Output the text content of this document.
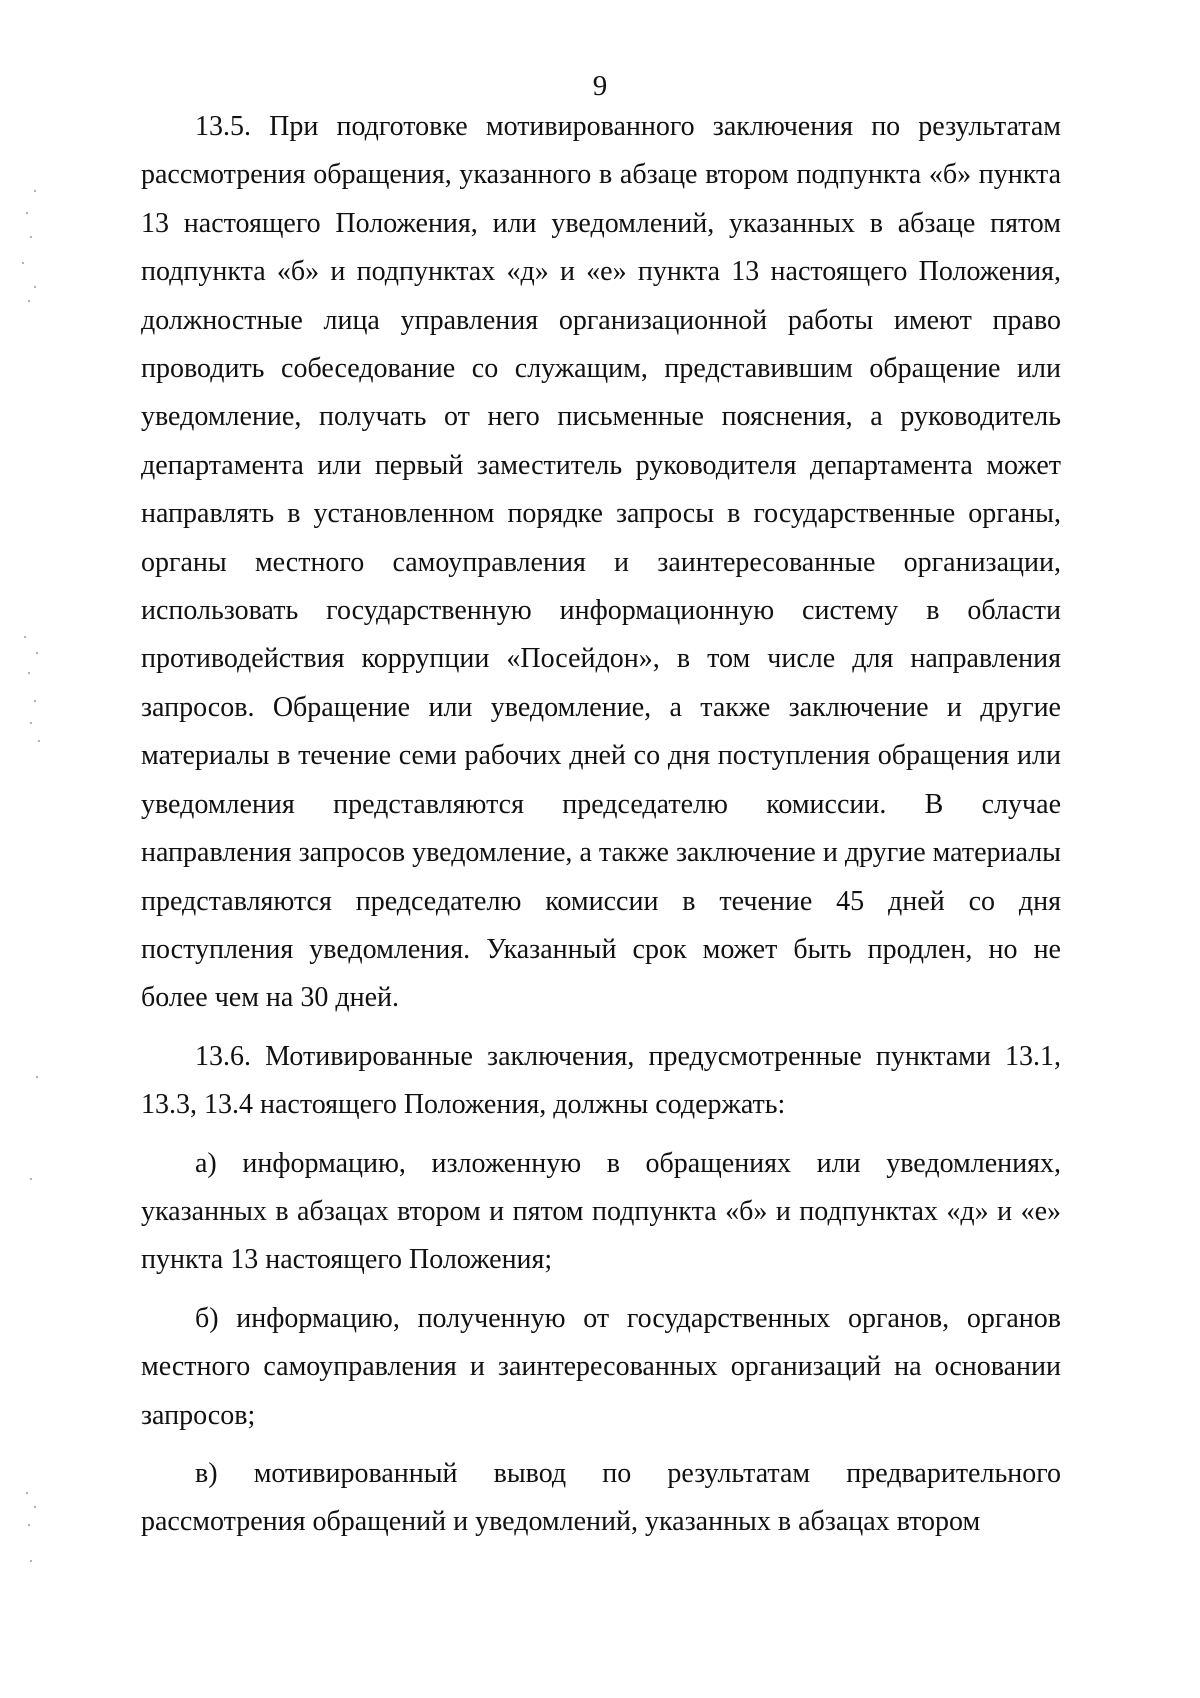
9

13.5. При подготовке мотивированного заключения по результатам рассмотрения обращения, указанного в абзаце втором подпункта «б» пункта 13 настоящего Положения, или уведомлений, указанных в абзаце пятом подпункта «б» и подпунктах «д» и «е» пункта 13 настоящего Положения, должностные лица управления организационной работы имеют право проводить собеседование со служащим, представившим обращение или уведомление, получать от него письменные пояснения, а руководитель департамента или первый заместитель руководителя департамента может направлять в установленном порядке запросы в государственные органы, органы местного самоуправления и заинтересованные организации, использовать государственную информационную систему в области противодействия коррупции «Посейдон», в том числе для направления запросов. Обращение или уведомление, а также заключение и другие материалы в течение семи рабочих дней со дня поступления обращения или уведомления представляются председателю комиссии. В случае направления запросов уведомление, а также заключение и другие материалы представляются председателю комиссии в течение 45 дней со дня поступления уведомления. Указанный срок может быть продлен, но не более чем на 30 дней.

13.6. Мотивированные заключения, предусмотренные пунктами 13.1, 13.3, 13.4 настоящего Положения, должны содержать:

а) информацию, изложенную в обращениях или уведомлениях, указанных в абзацах втором и пятом подпункта «б» и подпунктах «д» и «е» пункта 13 настоящего Положения;

б) информацию, полученную от государственных органов, органов местного самоуправления и заинтересованных организаций на основании запросов;

в) мотивированный вывод по результатам предварительного рассмотрения обращений и уведомлений, указанных в абзацах втором
